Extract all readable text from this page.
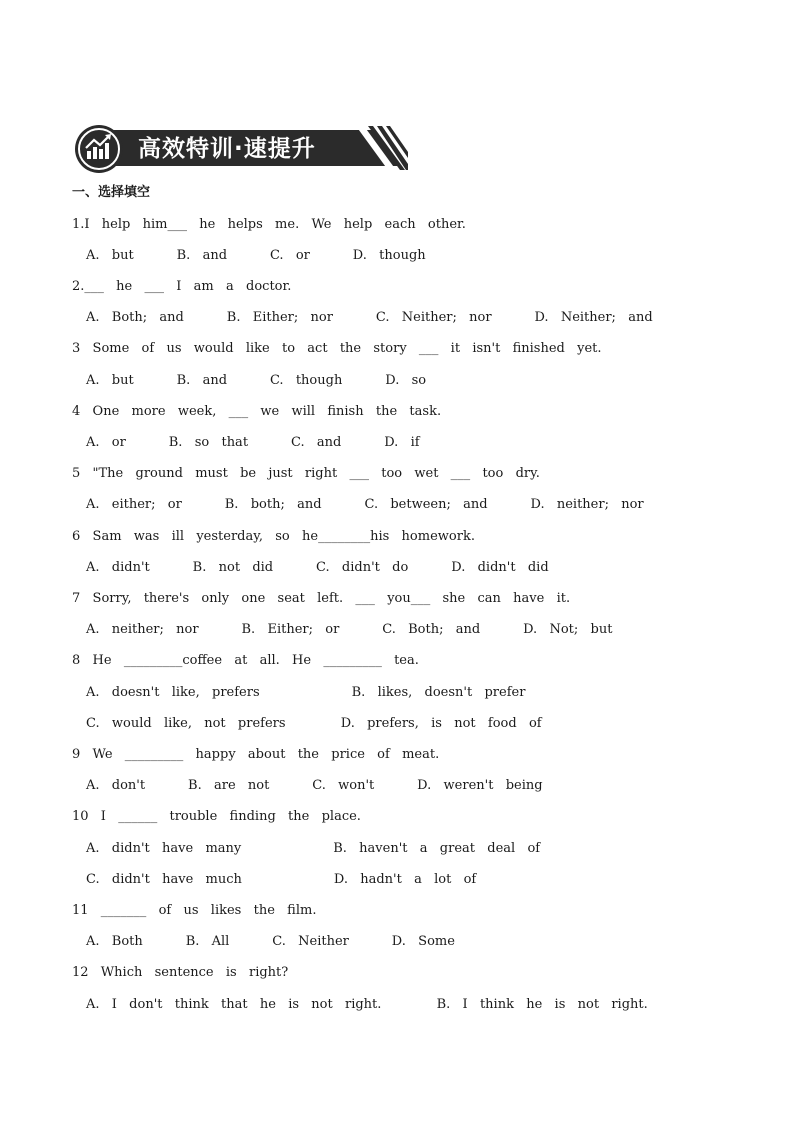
高效特训·速提升
一、选择填空
1.I  help  him___  he  helps  me.  We  help  each  other.
A.  but       B.  and       C.  or       D.  though
2.___  he  ___  I  am  a  doctor.
A.  Both;  and       B.  Either;  nor       C.  Neither;  nor       D.  Neither;  and
3  Some  of  us  would  like  to  act  the  story  ___  it  isn't  finished  yet.
A.  but       B.  and       C.  though       D.  so
4  One  more  week,  ___  we  will  finish  the  task.
A.  or       B.  so  that       C.  and       D.  if
5  "The  ground  must  be  just  right  ___  too  wet  ___  too  dry.
A.  either;  or       B.  both;  and       C.  between;  and       D.  neither;  nor
6  Sam  was  ill  yesterday,  so  he________his  homework.
A.  didn't       B.  not  did       C.  didn't  do       D.  didn't  did
7  Sorry,  there's  only  one  seat  left.  ___  you___  she  can  have  it.
A.  neither;  nor       B.  Either;  or       C.  Both;  and       D.  Not;  but
8  He  _________coffee  at  all.  He  _________  tea.
A.  doesn't  like,  prefers               B.  likes,  doesn't  prefer
C.  would  like,  not  prefers         D.  prefers,  is  not  food  of
9  We  _________  happy  about  the  price  of  meat.
A.  don't       B.  are  not       C.  won't       D.  weren't  being
10  I  ______  trouble  finding  the  place.
A.  didn't  have  many               B.  haven't  a  great  deal  of
C.  didn't  have  much               D.  hadn't  a  lot  of
11  _______  of  us  likes  the  film.
A.  Both       B.  All       C.  Neither       D.  Some
12  Which  sentence  is  right?
A.  I  don't  think  that  he  is  not  right.         B.  I  think  he  is  not  right.
